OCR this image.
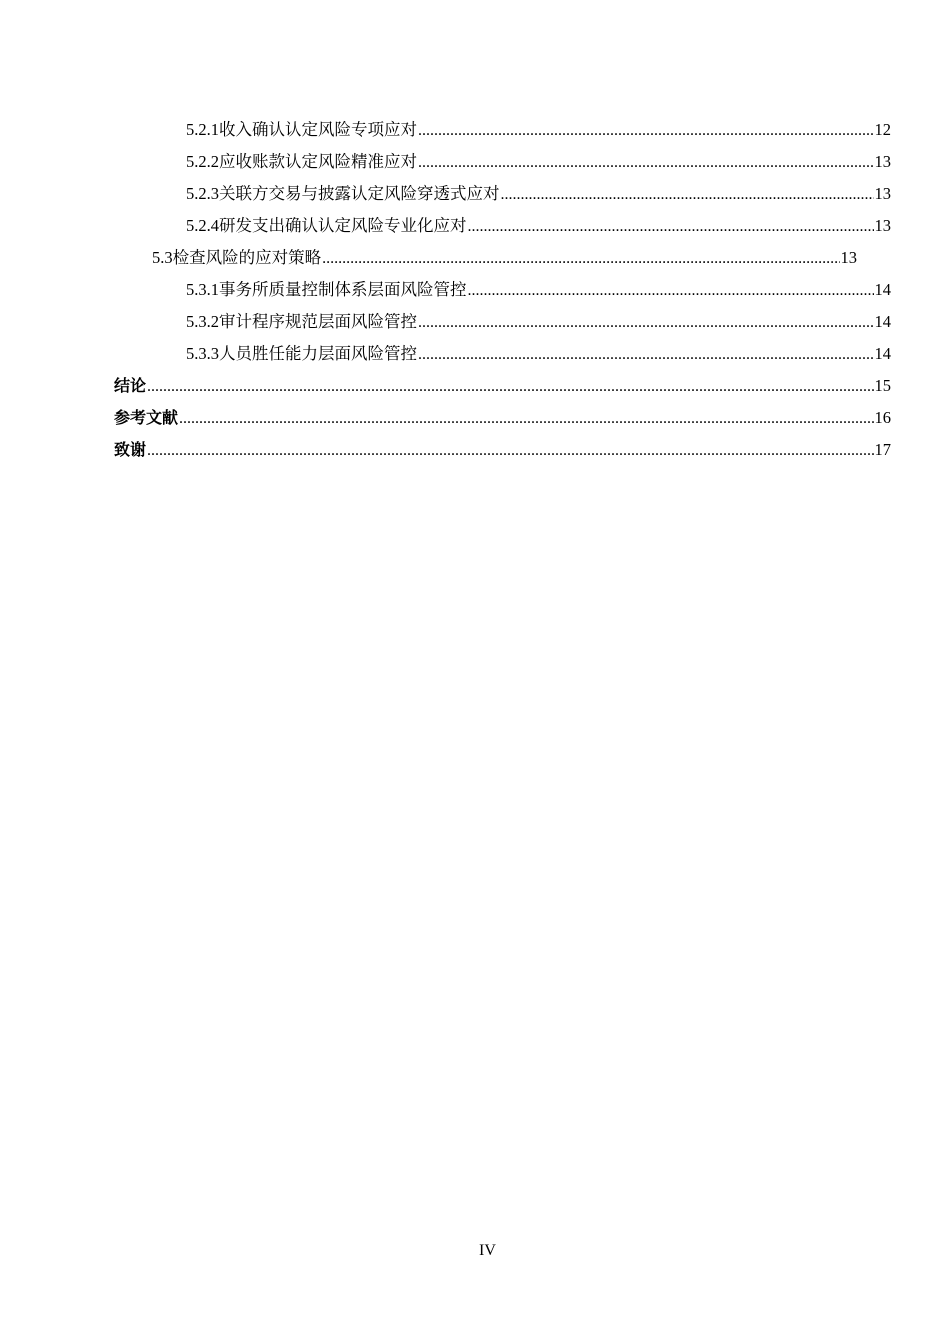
5.2.1 收入确认认定风险专项应对 .....	12
5.2.2 应收账款认定风险精准应对 .....	13
5.2.3 关联方交易与披露认定风险穿透式应对 .....	13
5.2.4 研发支出确认认定风险专业化应对 .....	13
5.3 检查风险的应对策略 .....	13
5.3.1 事务所质量控制体系层面风险管控 .....	14
5.3.2 审计程序规范层面风险管控 .....	14
5.3.3 人员胜任能力层面风险管控 .....	14
结论 .....	15
参考文献 .....	16
致谢 .....	17
IV
